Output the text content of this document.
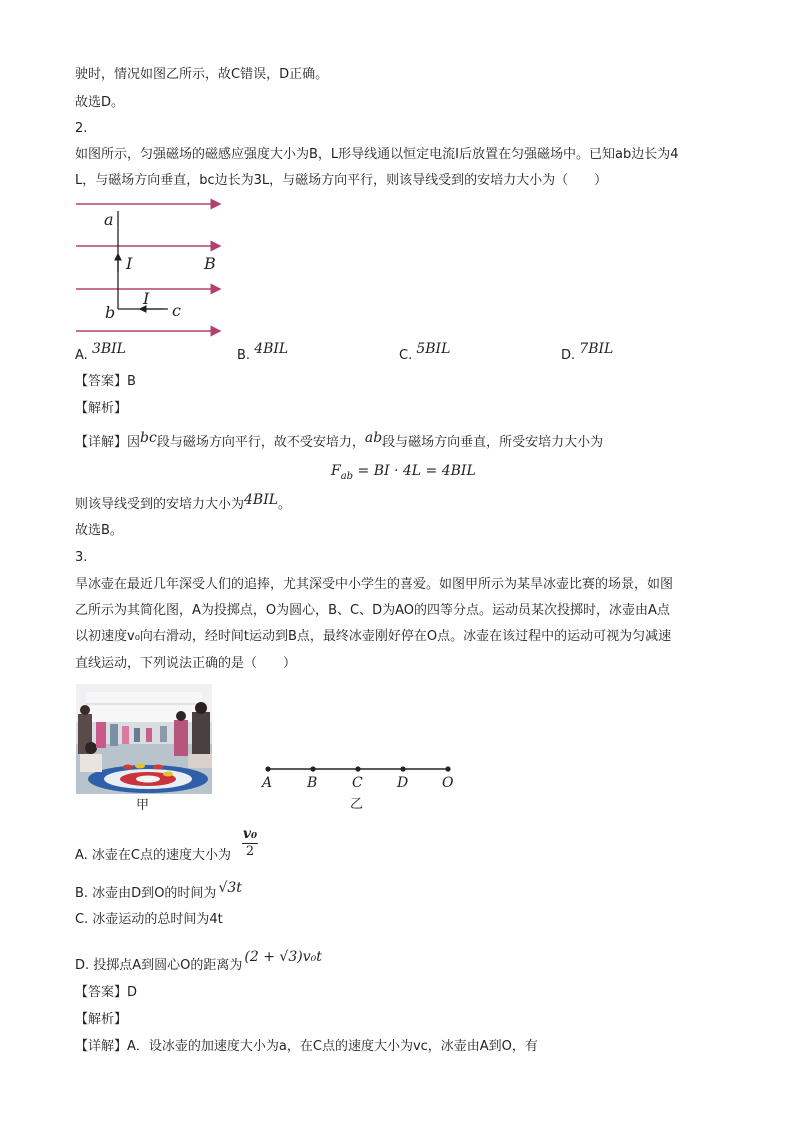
驶时，情况如图乙所示，故C错误，D正确。
故选D。
2.
如图所示，匀强磁场的磁感应强度大小为B，L形导线通以恒定电流I后放置在匀强磁场中。已知ab边长为4
L，与磁场方向垂直，bc边长为3L，与磁场方向平行，则该导线受到的安培力大小为（　　）
a
I	B
I
b	c
A. 3BIL	B. 4BIL	C. 5BIL	D. 7BIL
【答案】B
【解析】
【详解】因bc段与磁场方向平行，故不受安培力，ab段与磁场方向垂直，所受安培力大小为
$F_{ab}$ = BI · 4L = 4BIL
则该导线受到的安培力大小为4BIL。
故选B。
3.
旱冰壶在最近几年深受人们的追捧，尤其深受中小学生的喜爱。如图甲所示为某旱冰壶比赛的场景，如图
乙所示为其简化图，A为投掷点，O为圆心，B、C、D为AO的四等分点。运动员某次投掷时，冰壶由A点
以初速度v₀向右滑动，经时间t运动到B点，最终冰壶刚好停在O点。冰壶在该过程中的运动可视为匀减速
直线运动，下列说法正确的是（　　）
甲
A B C D O
乙
A. 冰壶在C点的速度大小为
v₀
2
B. 冰壶由D到O的时间为 √3t
C. 冰壶运动的总时间为4t
D. 投掷点A到圆心O的距离为(2 + √3)v₀t
【答案】D
【解析】
【详解】A．设冰壶的加速度大小为a，在C点的速度大小为vc，冰壶由A到O，有
